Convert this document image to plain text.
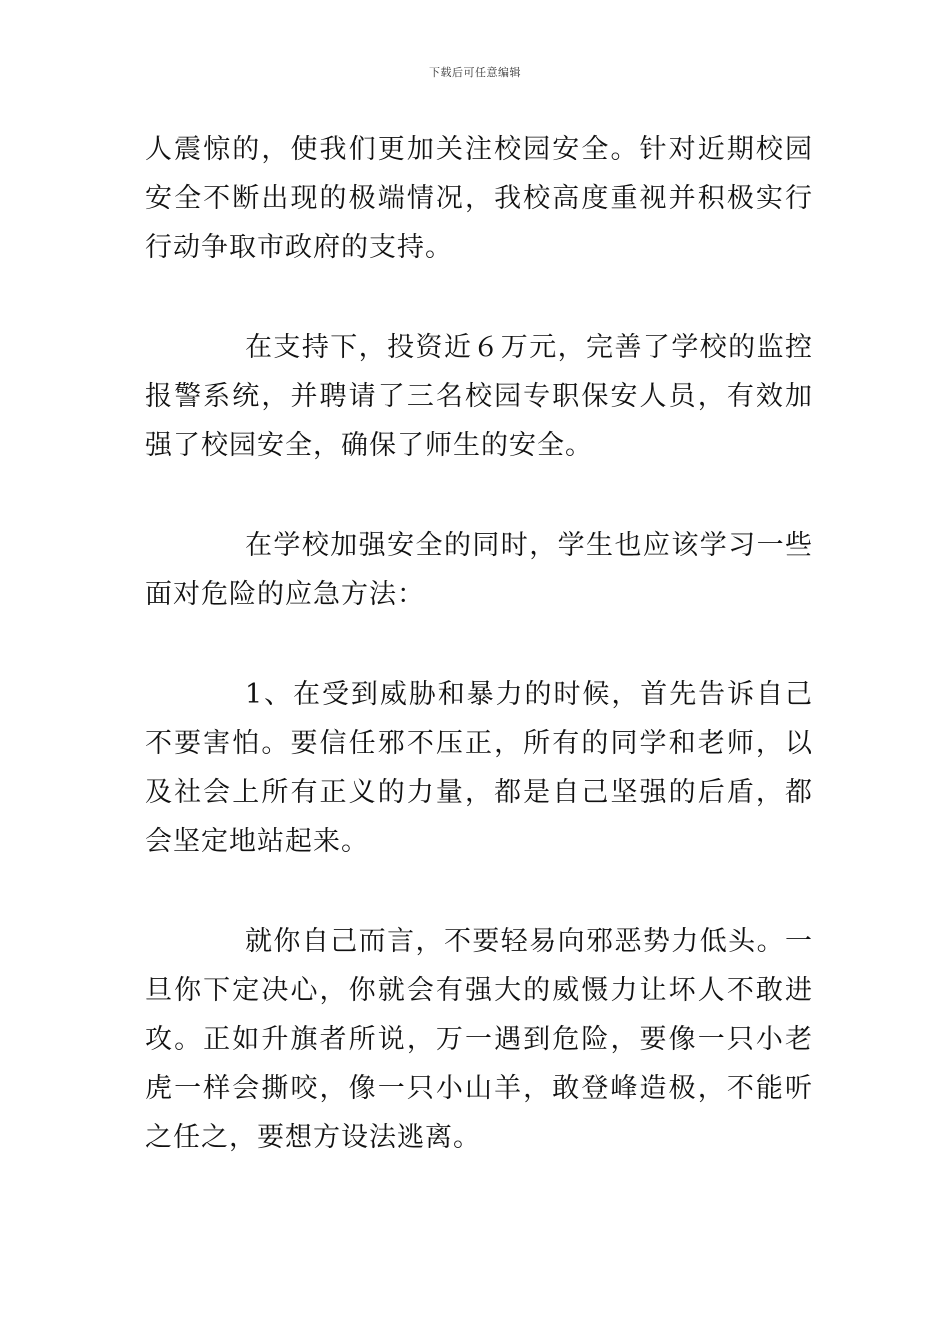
下载后可任意编辑

人震惊的，使我们更加关注校园安全。针对近期校园安全不断出现的极端情况，我校高度重视并积极实行行动争取市政府的支持。

在支持下，投资近６万元，完善了学校的监控报警系统，并聘请了三名校园专职保安人员，有效加强了校园安全，确保了师生的安全。

在学校加强安全的同时，学生也应该学习一些面对危险的应急方法：

1、在受到威胁和暴力的时候，首先告诉自己不要害怕。要信任邪不压正，所有的同学和老师，以及社会上所有正义的力量，都是自己坚强的后盾，都会坚定地站起来。

就你自己而言，不要轻易向邪恶势力低头。一旦你下定决心，你就会有强大的威慑力让坏人不敢进攻。正如升旗者所说，万一遇到危险，要像一只小老虎一样会撕咬，像一只小山羊，敢登峰造极，不能听之任之，要想方设法逃离。
